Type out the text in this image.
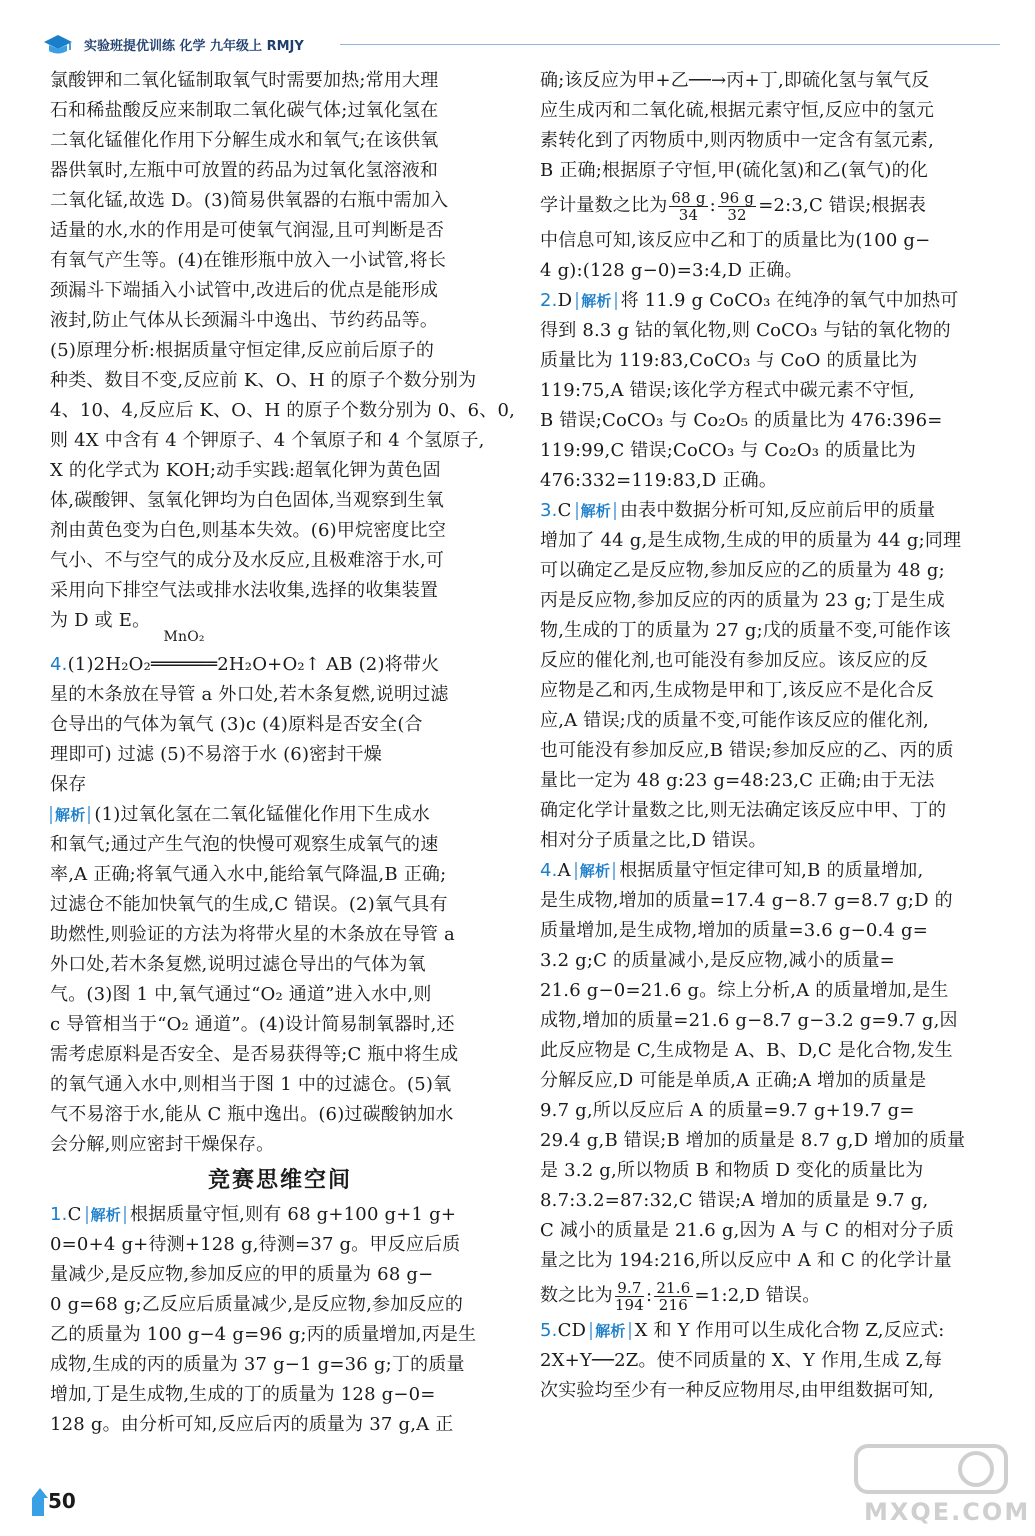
实验班提优训练 化学 九年级上 RMJY
氯酸钾和二氧化锰制取氧气时需要加热;常用大理
石和稀盐酸反应来制取二氧化碳气体;过氧化氢在
二氧化锰催化作用下分解生成水和氧气;在该供氧
器供氧时,左瓶中可放置的药品为过氧化氢溶液和
二氧化锰,故选 D。(3)简易供氧器的右瓶中需加入
适量的水,水的作用是可使氧气润湿,且可判断是否
有氧气产生等。(4)在锥形瓶中放入一小试管,将长
颈漏斗下端插入小试管中,改进后的优点是能形成
液封,防止气体从长颈漏斗中逸出、节约药品等。
(5)原理分析:根据质量守恒定律,反应前后原子的
种类、数目不变,反应前 K、O、H 的原子个数分别为
4、10、4,反应后 K、O、H 的原子个数分别为 0、6、0,
则 4X 中含有 4 个钾原子、4 个氧原子和 4 个氢原子,
X 的化学式为 KOH;动手实践:超氧化钾为黄色固
体,碳酸钾、氢氧化钾均为白色固体,当观察到生氧
剂由黄色变为白色,则基本失效。(6)甲烷密度比空
气小、不与空气的成分及水反应,且极难溶于水,可
采用向下排空气法或排水法收集,选择的收集装置
为 D 或 E。
4.(1)2H₂O₂
MnO₂
══════2H₂O+O₂↑ AB (2)将带火
星的木条放在导管 a 外口处,若木条复燃,说明过滤
仓导出的气体为氧气 (3)c (4)原料是否安全(合
理即可) 过滤 (5)不易溶于水 (6)密封干燥
保存
解析 (1)过氧化氢在二氧化锰催化作用下生成水
和氧气;通过产生气泡的快慢可观察生成氧气的速
率,A 正确;将氧气通入水中,能给氧气降温,B 正确;
过滤仓不能加快氧气的生成,C 错误。(2)氧气具有
助燃性,则验证的方法为将带火星的木条放在导管 a
外口处,若木条复燃,说明过滤仓导出的气体为氧
气。(3)图 1 中,氧气通过“O₂ 通道”进入水中,则
c 导管相当于“O₂ 通道”。(4)设计简易制氧器时,还
需考虑原料是否安全、是否易获得等;C 瓶中将生成
的氧气通入水中,则相当于图 1 中的过滤仓。(5)氧
气不易溶于水,能从 C 瓶中逸出。(6)过碳酸钠加水
会分解,则应密封干燥保存。
竞赛思维空间
1.C 解析 根据质量守恒,则有 68 g+100 g+1 g+
0=0+4 g+待测+128 g,待测=37 g。甲反应后质
量减少,是反应物,参加反应的甲的质量为 68 g−
0 g=68 g;乙反应后质量减少,是反应物,参加反应的
乙的质量为 100 g−4 g=96 g;丙的质量增加,丙是生
成物,生成的丙的质量为 37 g−1 g=36 g;丁的质量
增加,丁是生成物,生成的丁的质量为 128 g−0=
128 g。由分析可知,反应后丙的质量为 37 g,A 正
确;该反应为甲+乙──→丙+丁,即硫化氢与氧气反
应生成丙和二氧化硫,根据元素守恒,反应中的氢元
素转化到了丙物质中,则丙物质中一定含有氢元素,
B 正确;根据原子守恒,甲(硫化氢)和乙(氧气)的化
学计量数之比为 $\frac{68 g}{34}$ : $\frac{96 g}{32}$ =2:3,C 错误;根据表
中信息可知,该反应中乙和丁的质量比为(100 g−
4 g):(128 g−0)=3:4,D 正确。
2.D 解析 将 11.9 g CoCO₃ 在纯净的氧气中加热可
得到 8.3 g 钴的氧化物,则 CoCO₃ 与钴的氧化物的
质量比为 119:83,CoCO₃ 与 CoO 的质量比为
119:75,A 错误;该化学方程式中碳元素不守恒,
B 错误;CoCO₃ 与 Co₂O₅ 的质量比为 476:396=
119:99,C 错误;CoCO₃ 与 Co₂O₃ 的质量比为
476:332=119:83,D 正确。
3.C 解析 由表中数据分析可知,反应前后甲的质量
增加了 44 g,是生成物,生成的甲的质量为 44 g;同理
可以确定乙是反应物,参加反应的乙的质量为 48 g;
丙是反应物,参加反应的丙的质量为 23 g;丁是生成
物,生成的丁的质量为 27 g;戊的质量不变,可能作该
反应的催化剂,也可能没有参加反应。该反应的反
应物是乙和丙,生成物是甲和丁,该反应不是化合反
应,A 错误;戊的质量不变,可能作该反应的催化剂,
也可能没有参加反应,B 错误;参加反应的乙、丙的质
量比一定为 48 g:23 g=48:23,C 正确;由于无法
确定化学计量数之比,则无法确定该反应中甲、丁的
相对分子质量之比,D 错误。
4.A 解析 根据质量守恒定律可知,B 的质量增加,
是生成物,增加的质量=17.4 g−8.7 g=8.7 g;D 的
质量增加,是生成物,增加的质量=3.6 g−0.4 g=
3.2 g;C 的质量减小,是反应物,减小的质量=
21.6 g−0=21.6 g。综上分析,A 的质量增加,是生
成物,增加的质量=21.6 g−8.7 g−3.2 g=9.7 g,因
此反应物是 C,生成物是 A、B、D,C 是化合物,发生
分解反应,D 可能是单质,A 正确;A 增加的质量是
9.7 g,所以反应后 A 的质量=9.7 g+19.7 g=
29.4 g,B 错误;B 增加的质量是 8.7 g,D 增加的质量
是 3.2 g,所以物质 B 和物质 D 变化的质量比为
8.7:3.2=87:32,C 错误;A 增加的质量是 9.7 g,
C 减小的质量是 21.6 g,因为 A 与 C 的相对分子质
量之比为 194:216,所以反应中 A 和 C 的化学计量
数之比为 $\frac{9.7}{194}$ : $\frac{21.6}{216}$ =1:2,D 错误。
5.CD 解析 X 和 Y 作用可以生成化合物 Z,反应式:
2X+Y──2Z。使不同质量的 X、Y 作用,生成 Z,每
次实验均至少有一种反应物用尽,由甲组数据可知,
50	MXQE.COM
